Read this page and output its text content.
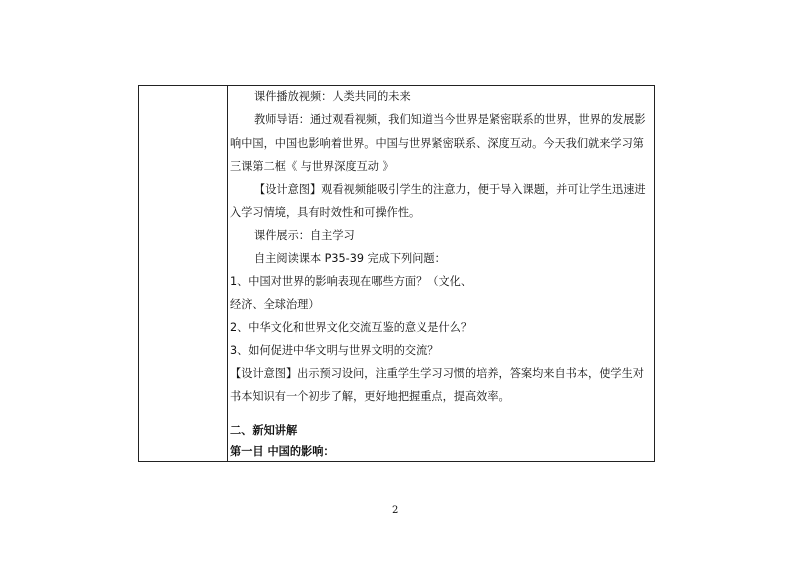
课件播放视频：人类共同的未来
教师导语：通过观看视频，我们知道当今世界是紧密联系的世界，世界的发展影
响中国，中国也影响着世界。中国与世界紧密联系、深度互动。今天我们就来学习第
三课第二框《 与世界深度互动 》
【设计意图】观看视频能吸引学生的注意力，便于导入课题，并可让学生迅速进
入学习情境，具有时效性和可操作性。
课件展示：自主学习
自主阅读课本 P35-39 完成下列问题：
1、中国对世界的影响表现在哪些方面？（文化、
经济、全球治理）
2、中华文化和世界文化交流互鉴的意义是什么？
3、如何促进中华文明与世界文明的交流？
【设计意图】出示预习设问，注重学生学习习惯的培养，答案均来自书本，使学生对
书本知识有一个初步了解，更好地把握重点，提高效率。
二、新知讲解
第一目 中国的影响：
2
